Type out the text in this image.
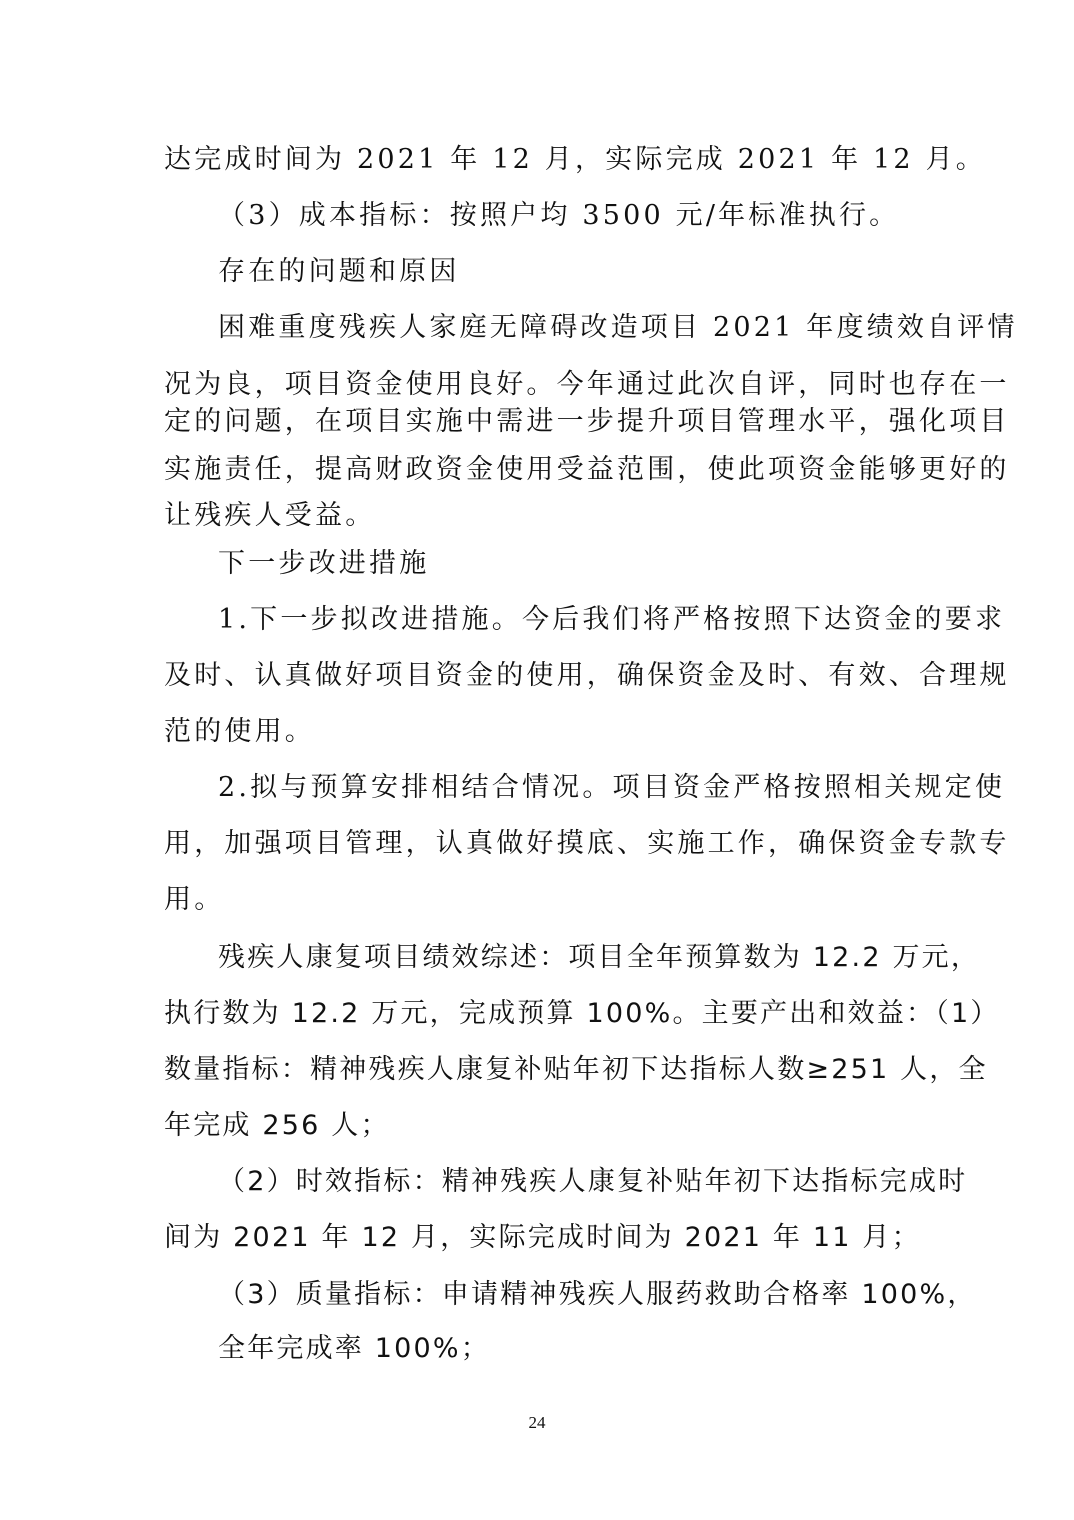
达完成时间为 2021 年 12 月，实际完成 2021 年 12 月。
（3）成本指标：按照户均 3500 元/年标准执行。
存在的问题和原因
困难重度残疾人家庭无障碍改造项目 2021 年度绩效自评情
况为良，项目资金使用良好。今年通过此次自评，同时也存在一
定的问题，在项目实施中需进一步提升项目管理水平，强化项目
实施责任，提高财政资金使用受益范围，使此项资金能够更好的
让残疾人受益。
下一步改进措施
1.下一步拟改进措施。今后我们将严格按照下达资金的要求
及时、认真做好项目资金的使用，确保资金及时、有效、合理规
范的使用。
2.拟与预算安排相结合情况。项目资金严格按照相关规定使
用，加强项目管理，认真做好摸底、实施工作，确保资金专款专
用。
残疾人康复项目绩效综述：项目全年预算数为 12.2 万元，
执行数为 12.2 万元，完成预算 100%。主要产出和效益：（1）
数量指标：精神残疾人康复补贴年初下达指标人数≥251 人，全
年完成 256 人；
（2）时效指标：精神残疾人康复补贴年初下达指标完成时
间为 2021 年 12 月，实际完成时间为 2021 年 11 月；
（3）质量指标：申请精神残疾人服药救助合格率 100%，
全年完成率 100%；
24
